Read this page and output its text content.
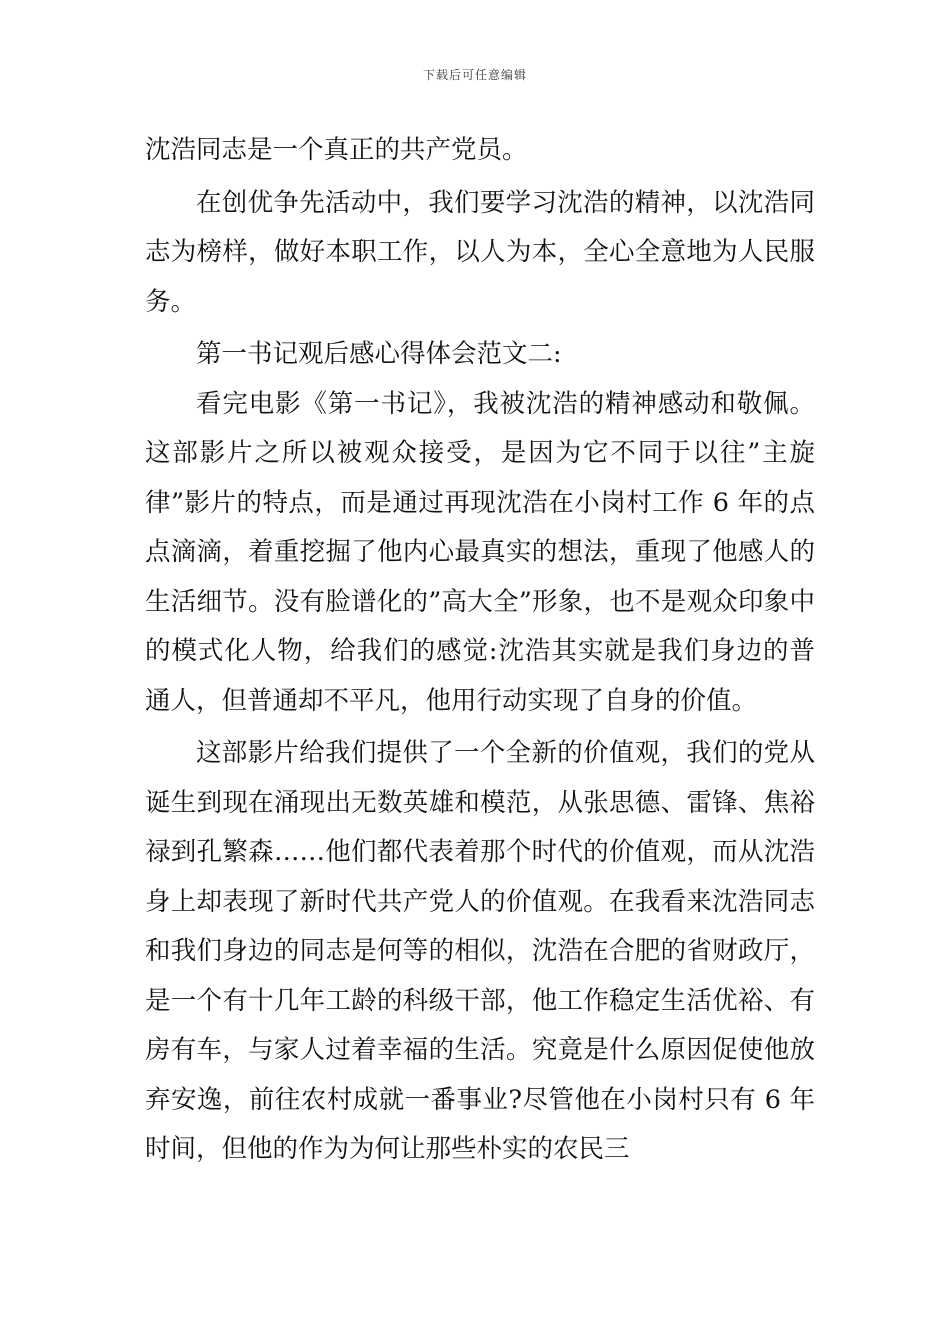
下载后可任意编辑

沈浩同志是一个真正的共产党员。

在创优争先活动中，我们要学习沈浩的精神，以沈浩同志为榜样，做好本职工作，以人为本，全心全意地为人民服务。

第一书记观后感心得体会范文二:

看完电影《第一书记》，我被沈浩的精神感动和敬佩。这部影片之所以被观众接受，是因为它不同于以往”主旋律”影片的特点，而是通过再现沈浩在小岗村工作 6 年的点点滴滴，着重挖掘了他内心最真实的想法，重现了他感人的生活细节。没有脸谱化的”高大全”形象，也不是观众印象中的模式化人物，给我们的感觉:沈浩其实就是我们身边的普通人，但普通却不平凡，他用行动实现了自身的价值。

这部影片给我们提供了一个全新的价值观，我们的党从诞生到现在涌现出无数英雄和模范，从张思德、雷锋、焦裕禄到孔繁森……他们都代表着那个时代的价值观，而从沈浩身上却表现了新时代共产党人的价值观。在我看来沈浩同志和我们身边的同志是何等的相似，沈浩在合肥的省财政厅，是一个有十几年工龄的科级干部，他工作稳定生活优裕、有房有车，与家人过着幸福的生活。究竟是什么原因促使他放弃安逸，前往农村成就一番事业?尽管他在小岗村只有 6 年时间，但他的作为为何让那些朴实的农民三
